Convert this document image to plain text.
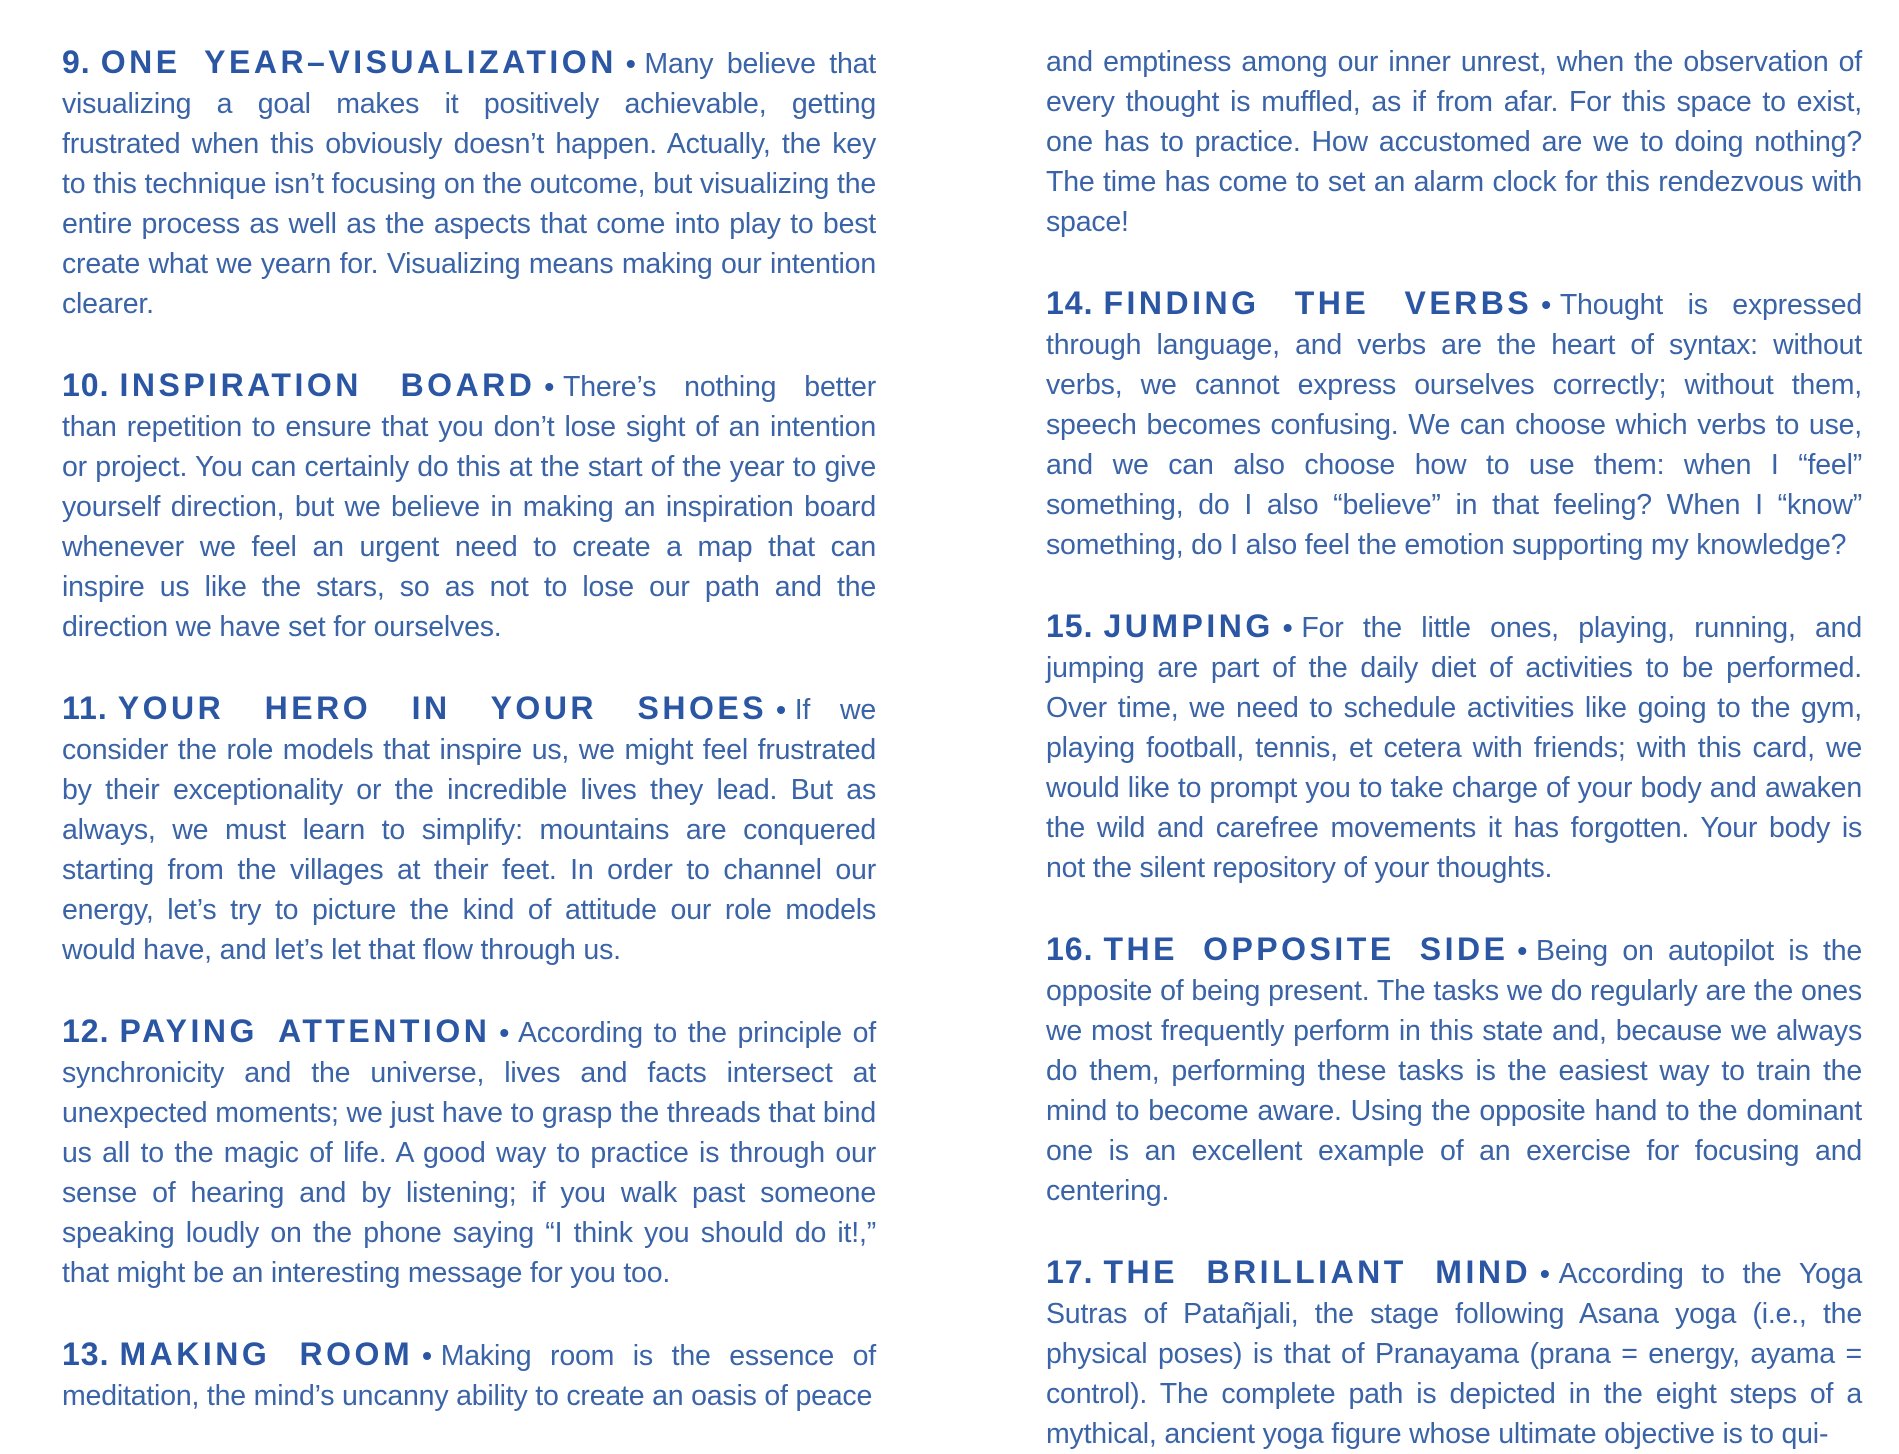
9. ONE YEAR–VISUALIZATION • Many believe that visualizing a goal makes it positively achievable, getting frustrated when this obviously doesn’t happen. Actually, the key to this technique isn’t focusing on the outcome, but visualizing the entire process as well as the aspects that come into play to best create what we yearn for. Visualizing means making our intention clearer.

10. INSPIRATION BOARD • There’s nothing better than repetition to ensure that you don’t lose sight of an intention or project. You can certainly do this at the start of the year to give yourself direction, but we believe in making an inspiration board whenever we feel an urgent need to create a map that can inspire us like the stars, so as not to lose our path and the direction we have set for ourselves.

11. YOUR HERO IN YOUR SHOES • If we consider the role models that inspire us, we might feel frustrated by their exceptionality or the incredible lives they lead. But as always, we must learn to simplify: mountains are conquered starting from the villages at their feet. In order to channel our energy, let’s try to picture the kind of attitude our role models would have, and let’s let that flow through us.

12. PAYING ATTENTION • According to the principle of synchronicity and the universe, lives and facts intersect at unexpected moments; we just have to grasp the threads that bind us all to the magic of life. A good way to practice is through our sense of hearing and by listening; if you walk past someone speaking loudly on the phone saying “I think you should do it!,” that might be an interesting message for you too.

13. MAKING ROOM • Making room is the essence of meditation, the mind’s uncanny ability to create an oasis of peace

and emptiness among our inner unrest, when the observation of every thought is muffled, as if from afar. For this space to exist, one has to practice. How accustomed are we to doing nothing? The time has come to set an alarm clock for this rendezvous with space!

14. FINDING THE VERBS • Thought is expressed through language, and verbs are the heart of syntax: without verbs, we cannot express ourselves correctly; without them, speech becomes confusing. We can choose which verbs to use, and we can also choose how to use them: when I “feel” something, do I also “believe” in that feeling? When I “know” something, do I also feel the emotion supporting my knowledge?

15. JUMPING • For the little ones, playing, running, and jumping are part of the daily diet of activities to be performed. Over time, we need to schedule activities like going to the gym, playing football, tennis, et cetera with friends; with this card, we would like to prompt you to take charge of your body and awaken the wild and carefree movements it has forgotten. Your body is not the silent repository of your thoughts.

16. THE OPPOSITE SIDE • Being on autopilot is the opposite of being present. The tasks we do regularly are the ones we most frequently perform in this state and, because we always do them, performing these tasks is the easiest way to train the mind to become aware. Using the opposite hand to the dominant one is an excellent example of an exercise for focusing and centering.

17. THE BRILLIANT MIND • According to the Yoga Sutras of Patañjali, the stage following Asana yoga (i.e., the physical poses) is that of Pranayama (prana = energy, ayama = control). The complete path is depicted in the eight steps of a mythical, ancient yoga figure whose ultimate objective is to qui-
